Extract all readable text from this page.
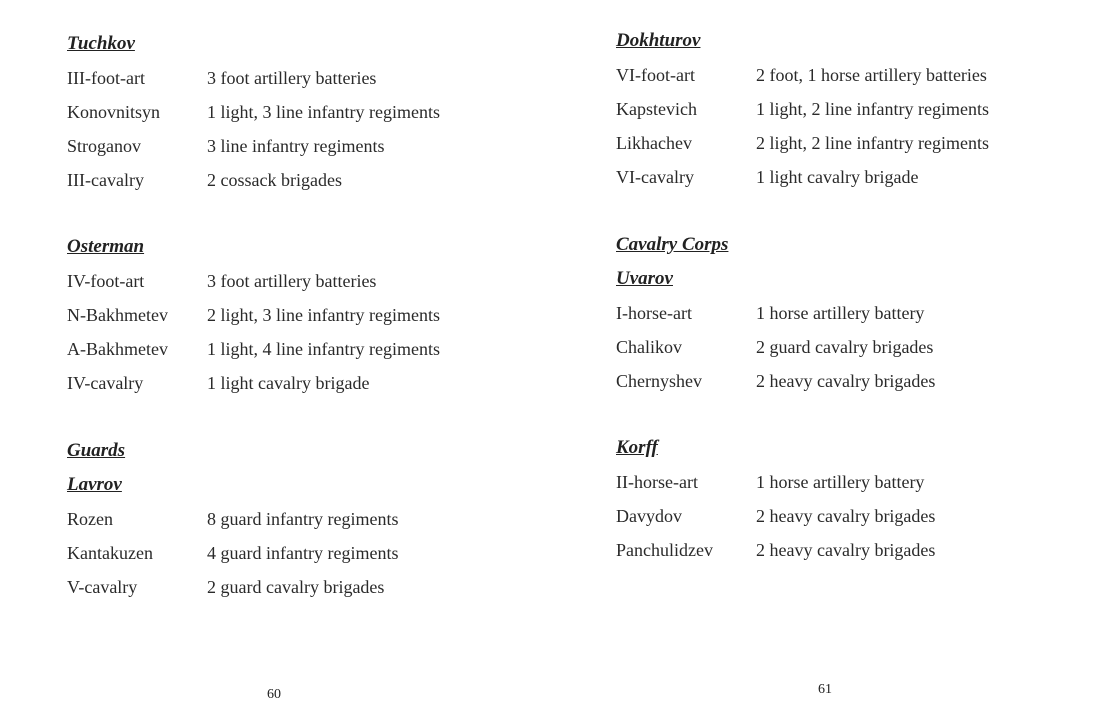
Tuchkov
III-foot-art	3 foot artillery batteries
Konovnitsyn	1 light, 3 line infantry regiments
Stroganov	3 line infantry regiments
III-cavalry	2 cossack brigades
Osterman
IV-foot-art	3 foot artillery batteries
N-Bakhmetev 2 light, 3 line infantry regiments
A-Bakhmetev 1 light, 4 line infantry regiments
IV-cavalry	1 light cavalry brigade
Guards
Lavrov
Rozen	8 guard infantry regiments
Kantakuzen	4 guard infantry regiments
V-cavalry	2 guard cavalry brigades
60
Dokhturov
VI-foot-art	2 foot, 1 horse artillery batteries
Kapstevich	1 light, 2 line infantry regiments
Likhachev	2 light, 2 line infantry regiments
VI-cavalry	1 light cavalry brigade
Cavalry Corps
Uvarov
I-horse-art	1 horse artillery battery
Chalikov	2 guard cavalry brigades
Chernyshev	2 heavy cavalry brigades
Korff
II-horse-art	1 horse artillery battery
Davydov	2 heavy cavalry brigades
Panchulidzev 2 heavy cavalry brigades
61
